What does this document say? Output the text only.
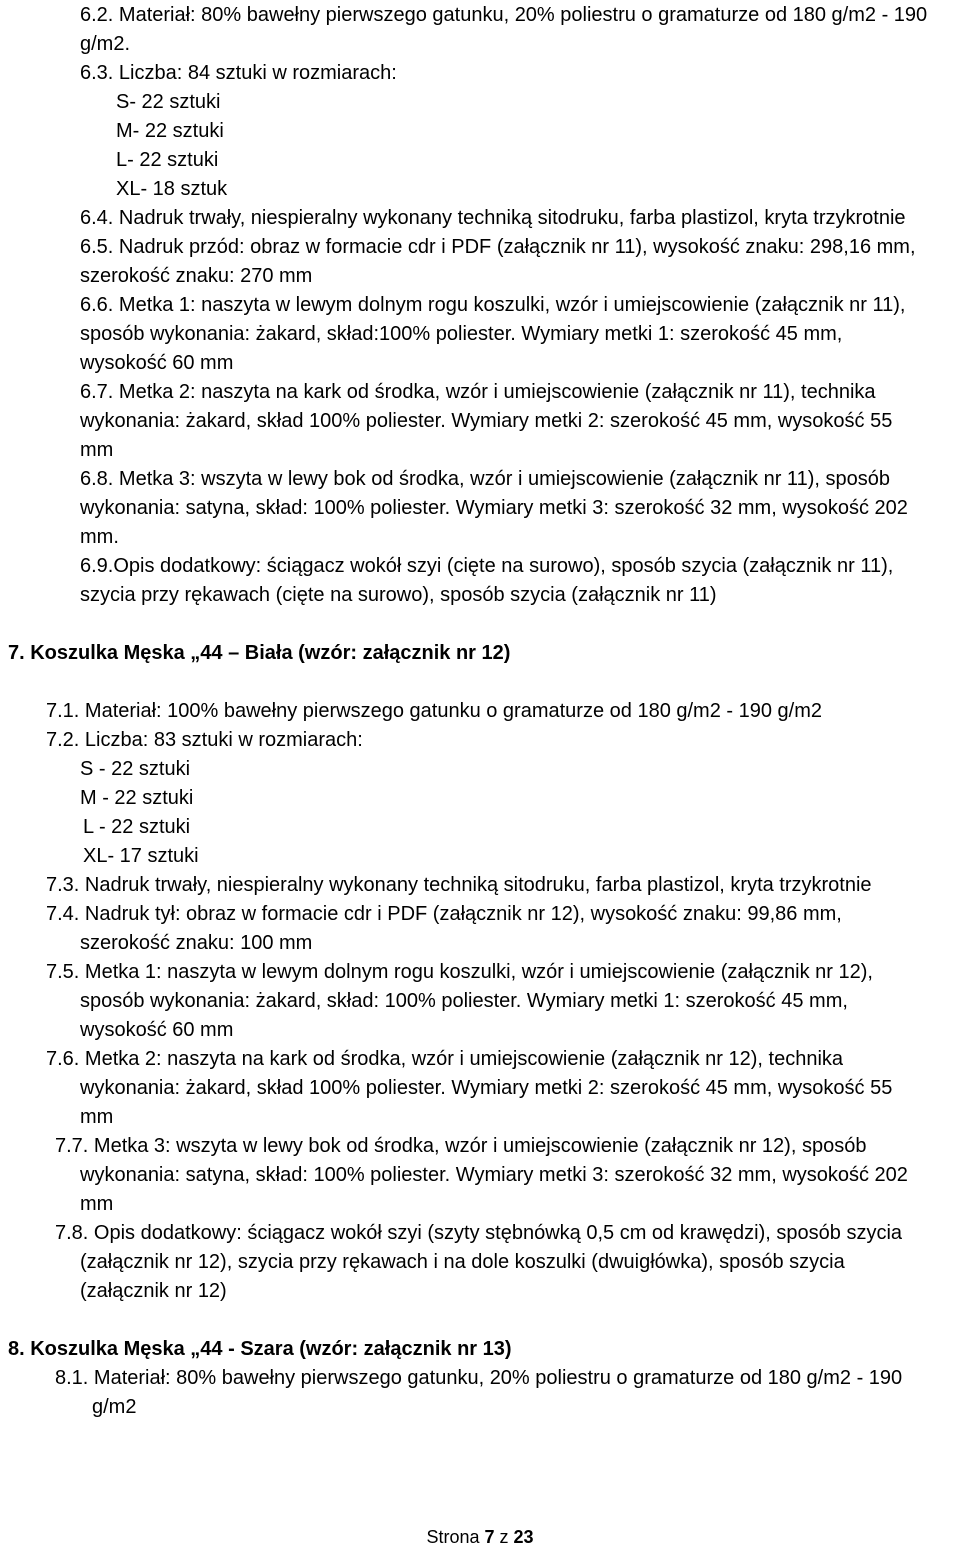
6.2. Materiał: 80% bawełny pierwszego gatunku, 20% poliestru o gramaturze od 180 g/m2 - 190
g/m2.
6.3. Liczba: 84 sztuki w rozmiarach:
S- 22 sztuki
M- 22 sztuki
L- 22 sztuki
XL- 18 sztuk
6.4. Nadruk trwały, niespieralny wykonany techniką sitodruku, farba plastizol, kryta trzykrotnie
6.5. Nadruk przód: obraz w formacie cdr i PDF (załącznik nr 11), wysokość znaku: 298,16 mm,
szerokość znaku: 270 mm
6.6. Metka 1: naszyta w lewym dolnym rogu koszulki, wzór i umiejscowienie (załącznik nr 11),
sposób wykonania: żakard, skład:100% poliester. Wymiary metki 1: szerokość 45 mm,
wysokość 60 mm
6.7. Metka 2: naszyta na kark od środka, wzór i umiejscowienie (załącznik nr 11), technika
wykonania: żakard, skład 100% poliester. Wymiary metki 2: szerokość 45 mm, wysokość 55
mm
6.8. Metka 3: wszyta w lewy bok od środka, wzór i umiejscowienie (załącznik nr 11), sposób
wykonania: satyna, skład: 100% poliester. Wymiary metki 3: szerokość 32 mm, wysokość 202
mm.
6.9.Opis dodatkowy: ściągacz wokół szyi (cięte na surowo), sposób szycia (załącznik nr 11),
szycia przy rękawach (cięte na surowo), sposób szycia (załącznik nr 11)
7. Koszulka Męska „44 – Biała (wzór: załącznik nr 12)
7.1. Materiał: 100% bawełny pierwszego gatunku o gramaturze od 180 g/m2 - 190 g/m2
7.2. Liczba: 83 sztuki w rozmiarach:
S - 22 sztuki
M - 22 sztuki
L - 22 sztuki
XL- 17 sztuki
7.3. Nadruk trwały, niespieralny wykonany techniką sitodruku, farba plastizol, kryta trzykrotnie
7.4. Nadruk tył: obraz w formacie cdr i PDF (załącznik nr 12), wysokość znaku: 99,86 mm,
szerokość znaku: 100 mm
7.5. Metka 1: naszyta w lewym dolnym rogu koszulki, wzór i umiejscowienie (załącznik nr 12),
sposób wykonania: żakard, skład: 100% poliester. Wymiary metki 1: szerokość 45 mm,
wysokość 60 mm
7.6. Metka 2: naszyta na kark od środka, wzór i umiejscowienie (załącznik nr 12), technika
wykonania: żakard, skład 100% poliester. Wymiary metki 2: szerokość 45 mm, wysokość 55
mm
7.7. Metka 3: wszyta w lewy bok od środka, wzór i umiejscowienie (załącznik nr 12), sposób
wykonania: satyna, skład: 100% poliester. Wymiary metki 3: szerokość 32 mm, wysokość 202
mm
7.8. Opis dodatkowy: ściągacz wokół szyi (szyty stębnówką 0,5 cm od krawędzi), sposób szycia
(załącznik nr 12), szycia przy rękawach i na dole koszulki (dwuigłówka), sposób szycia
(załącznik nr 12)
8. Koszulka Męska „44 - Szara (wzór: załącznik nr 13)
8.1. Materiał: 80% bawełny pierwszego gatunku, 20% poliestru o gramaturze od 180 g/m2 - 190
g/m2
Strona 7 z 23
